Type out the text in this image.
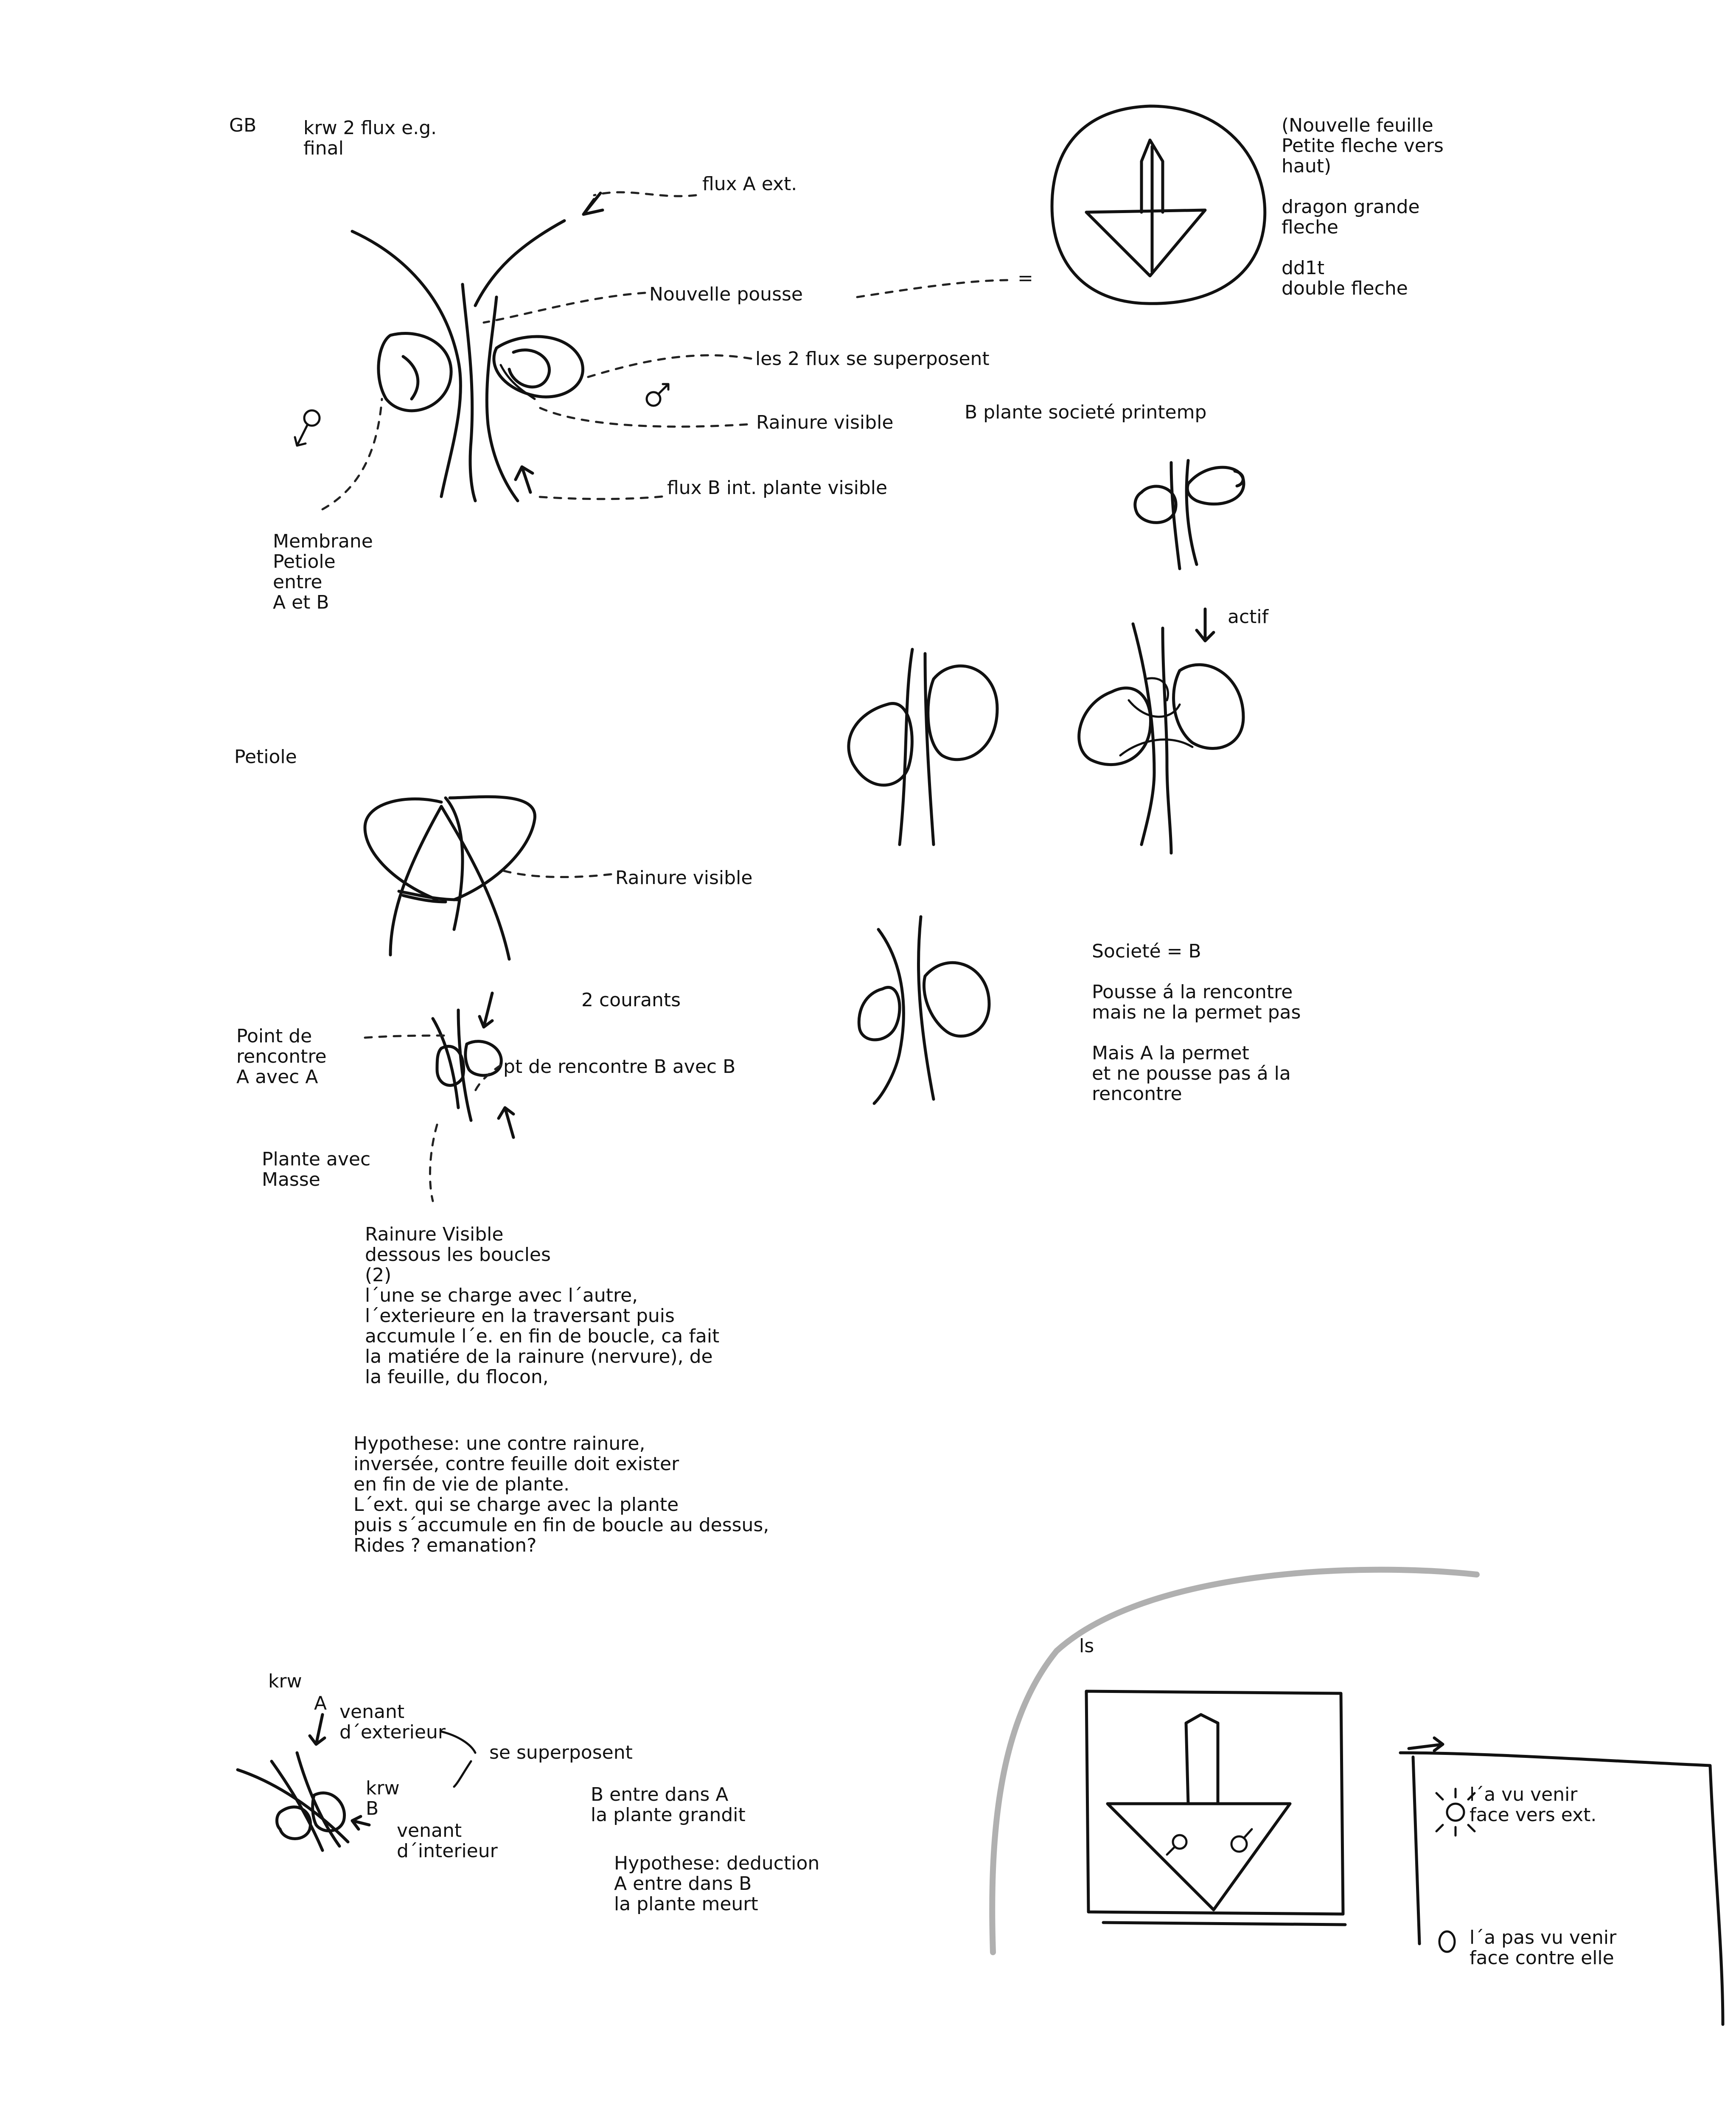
GB	krw 2 flux e.g.
final
flux A ext.
Nouvelle pousse
les 2 flux se superposent
Rainure visible
flux B int. plante visible
Membrane
Petiole
entre
A et B
(Nouvelle feuille
Petite fleche vers
haut)

dragon grande
fleche

dd1t
double fleche
=
B plante societé printemp
actif
Societé = B

Pousse á la rencontre
mais ne la permet pas

Mais A la permet
et ne pousse pas á la
rencontre
Petiole
Rainure visible
2 courants
Point de
rencontre
A avec A	pt de rencontre B avec B
Plante avec
Masse
Rainure Visible
dessous les boucles
(2)
l´une se charge avec l´autre,
l´exterieure en la traversant puis
accumule l´e. en fin de boucle, ca fait
la matiére de la rainure (nervure), de
la feuille, du flocon,
Hypothese: une contre rainure,
inversée, contre feuille doit exister
en fin de vie de plante.
L´ext. qui se charge avec la plante
puis s´accumule en fin de boucle au dessus,
Rides ? emanation?
krw
A venant
d´exterieur
se superposent
krw
B
venant
d´interieur
B entre dans A
la plante grandit
Hypothese: deduction
A entre dans B
la plante meurt
ls
l´a vu venir
face vers ext.
l´a pas vu venir
face contre elle
